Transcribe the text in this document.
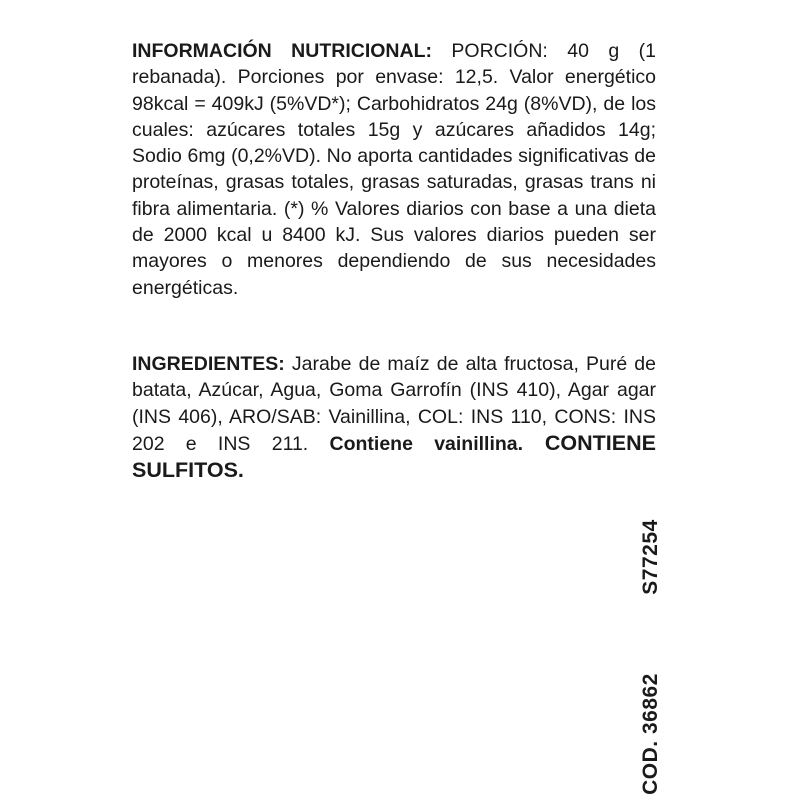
INFORMACIÓN NUTRICIONAL: PORCIÓN: 40 g (1 rebanada). Porciones por envase: 12,5. Valor energético 98kcal = 409kJ (5%VD*); Carbohidratos 24g (8%VD), de los cuales: azúcares totales 15g y azúcares añadidos 14g; Sodio 6mg (0,2%VD). No aporta cantidades significativas de proteínas, grasas totales, grasas saturadas, grasas trans ni fibra alimentaria. (*) % Valores diarios con base a una dieta de 2000 kcal u 8400 kJ. Sus valores diarios pueden ser mayores o menores dependiendo de sus necesidades energéticas.
INGREDIENTES: Jarabe de maíz de alta fructosa, Puré de batata, Azúcar, Agua, Goma Garrofín (INS 410), Agar agar (INS 406), ARO/SAB: Vainillina, COL: INS 110, CONS: INS 202 e INS 211. Contiene vainillina. CONTIENE SULFITOS.
S77254
COD. 36862
